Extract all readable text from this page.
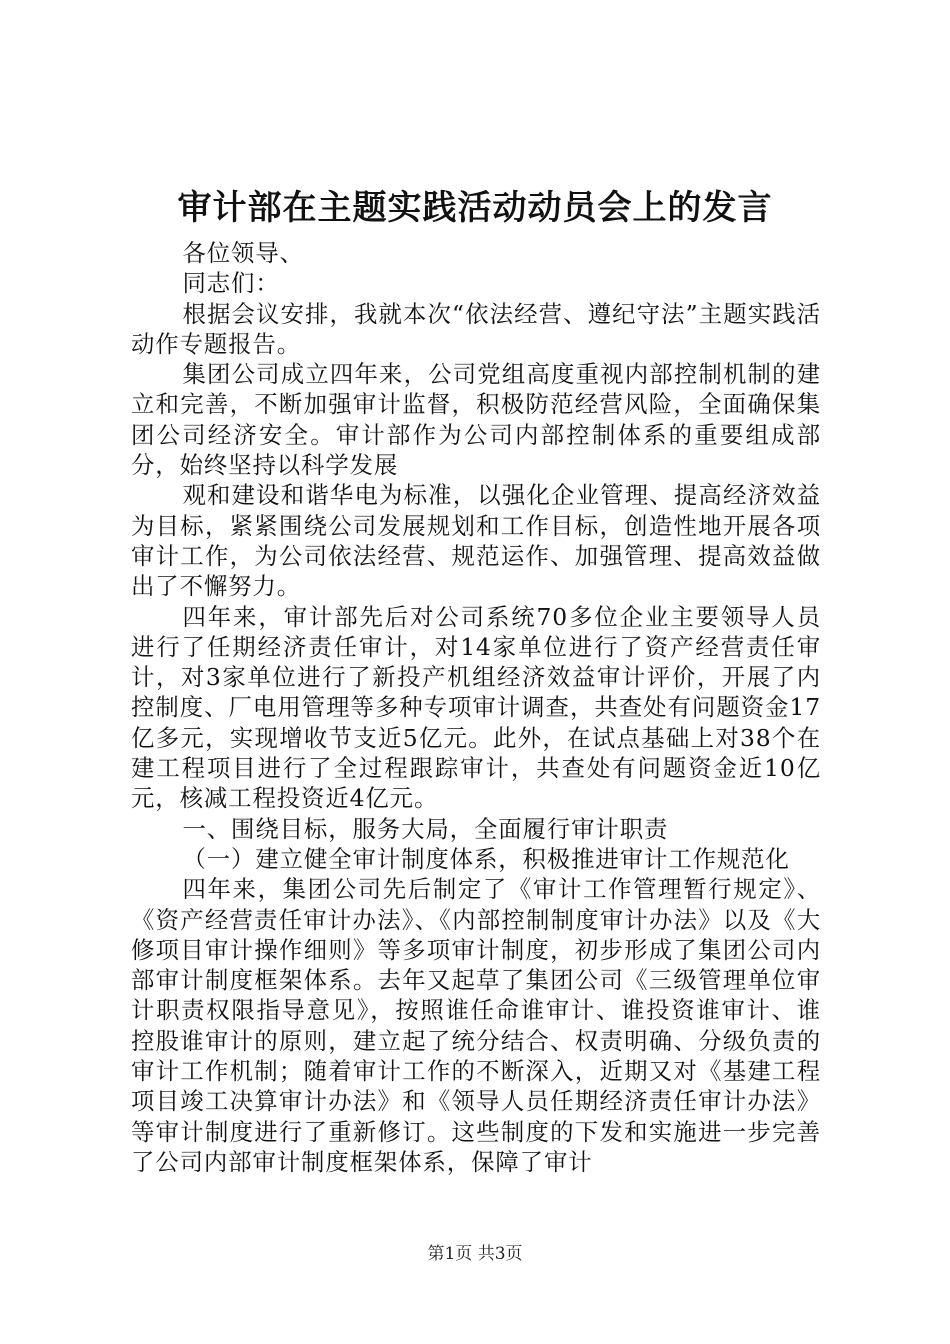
审计部在主题实践活动动员会上的发言

各位领导、

同志们：

根据会议安排，我就本次“依法经营、遵纪守法”主题实践活动作专题报告。

集团公司成立四年来，公司党组高度重视内部控制机制的建立和完善，不断加强审计监督，积极防范经营风险，全面确保集团公司经济安全。审计部作为公司内部控制体系的重要组成部分，始终坚持以科学发展

观和建设和谐华电为标准，以强化企业管理、提高经济效益为目标，紧紧围绕公司发展规划和工作目标，创造性地开展各项审计工作，为公司依法经营、规范运作、加强管理、提高效益做出了不懈努力。

四年来，审计部先后对公司系统70多位企业主要领导人员进行了任期经济责任审计，对14家单位进行了资产经营责任审计，对3家单位进行了新投产机组经济效益审计评价，开展了内控制度、厂电用管理等多种专项审计调查，共查处有问题资金17亿多元，实现增收节支近5亿元。此外，在试点基础上对38个在建工程项目进行了全过程跟踪审计，共查处有问题资金近10亿元，核减工程投资近4亿元。

一、围绕目标，服务大局，全面履行审计职责

（一）建立健全审计制度体系，积极推进审计工作规范化

四年来，集团公司先后制定了《审计工作管理暂行规定》、《资产经营责任审计办法》、《内部控制制度审计办法》以及《大修项目审计操作细则》等多项审计制度，初步形成了集团公司内部审计制度框架体系。去年又起草了集团公司《三级管理单位审计职责权限指导意见》，按照谁任命谁审计、谁投资谁审计、谁控股谁审计的原则，建立起了统分结合、权责明确、分级负责的审计工作机制；随着审计工作的不断深入，近期又对《基建工程项目竣工决算审计办法》和《领导人员任期经济责任审计办法》等审计制度进行了重新修订。这些制度的下发和实施进一步完善了公司内部审计制度框架体系，保障了审计

第1页 共3页
